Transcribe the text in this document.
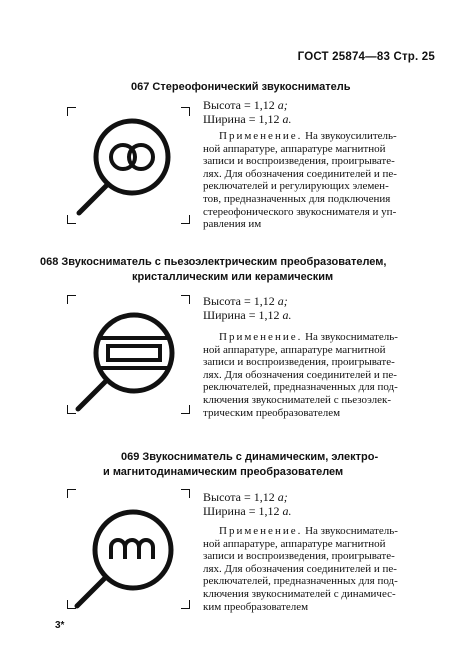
ГОСТ 25874—83 Стр. 25
067 Стереофонический звукосниматель
Высота = 1,12 a;
Ширина = 1,12 a.
Применение. На звукоусилитель-
ной аппаратуре, аппаратуре магнитной
записи и воспроизведения, проигрывате-
лях. Для обозначения соединителей и пе-
реключателей и регулирующих элемен-
тов, предназначенных для подключения
стереофонического звукоснимателя и уп-
равления им
068 Звукосниматель с пьезоэлектрическим преобразователем,
кристаллическим или керамическим
Высота = 1,12 a;
Ширина = 1,12 a.
Применение. На звукосниматель-
ной аппаратуре, аппаратуре магнитной
записи и воспроизведения, проигрывате-
лях. Для обозначения соединителей и пе-
реключателей, предназначенных для под-
ключения звукоснимателей с пьезоэлек-
трическим преобразователем
069 Звукосниматель с динамическим, электро-
и магнитодинамическим преобразователем
Высота = 1,12 a;
Ширина = 1,12 a.
Применение. На звукосниматель-
ной аппаратуре, аппаратуре магнитной
записи и воспроизведения, проигрывате-
лях. Для обозначения соединителей и пе-
реключателей, предназначенных для под-
ключения звукоснимателей с динамичес-
ким преобразователем
3*
